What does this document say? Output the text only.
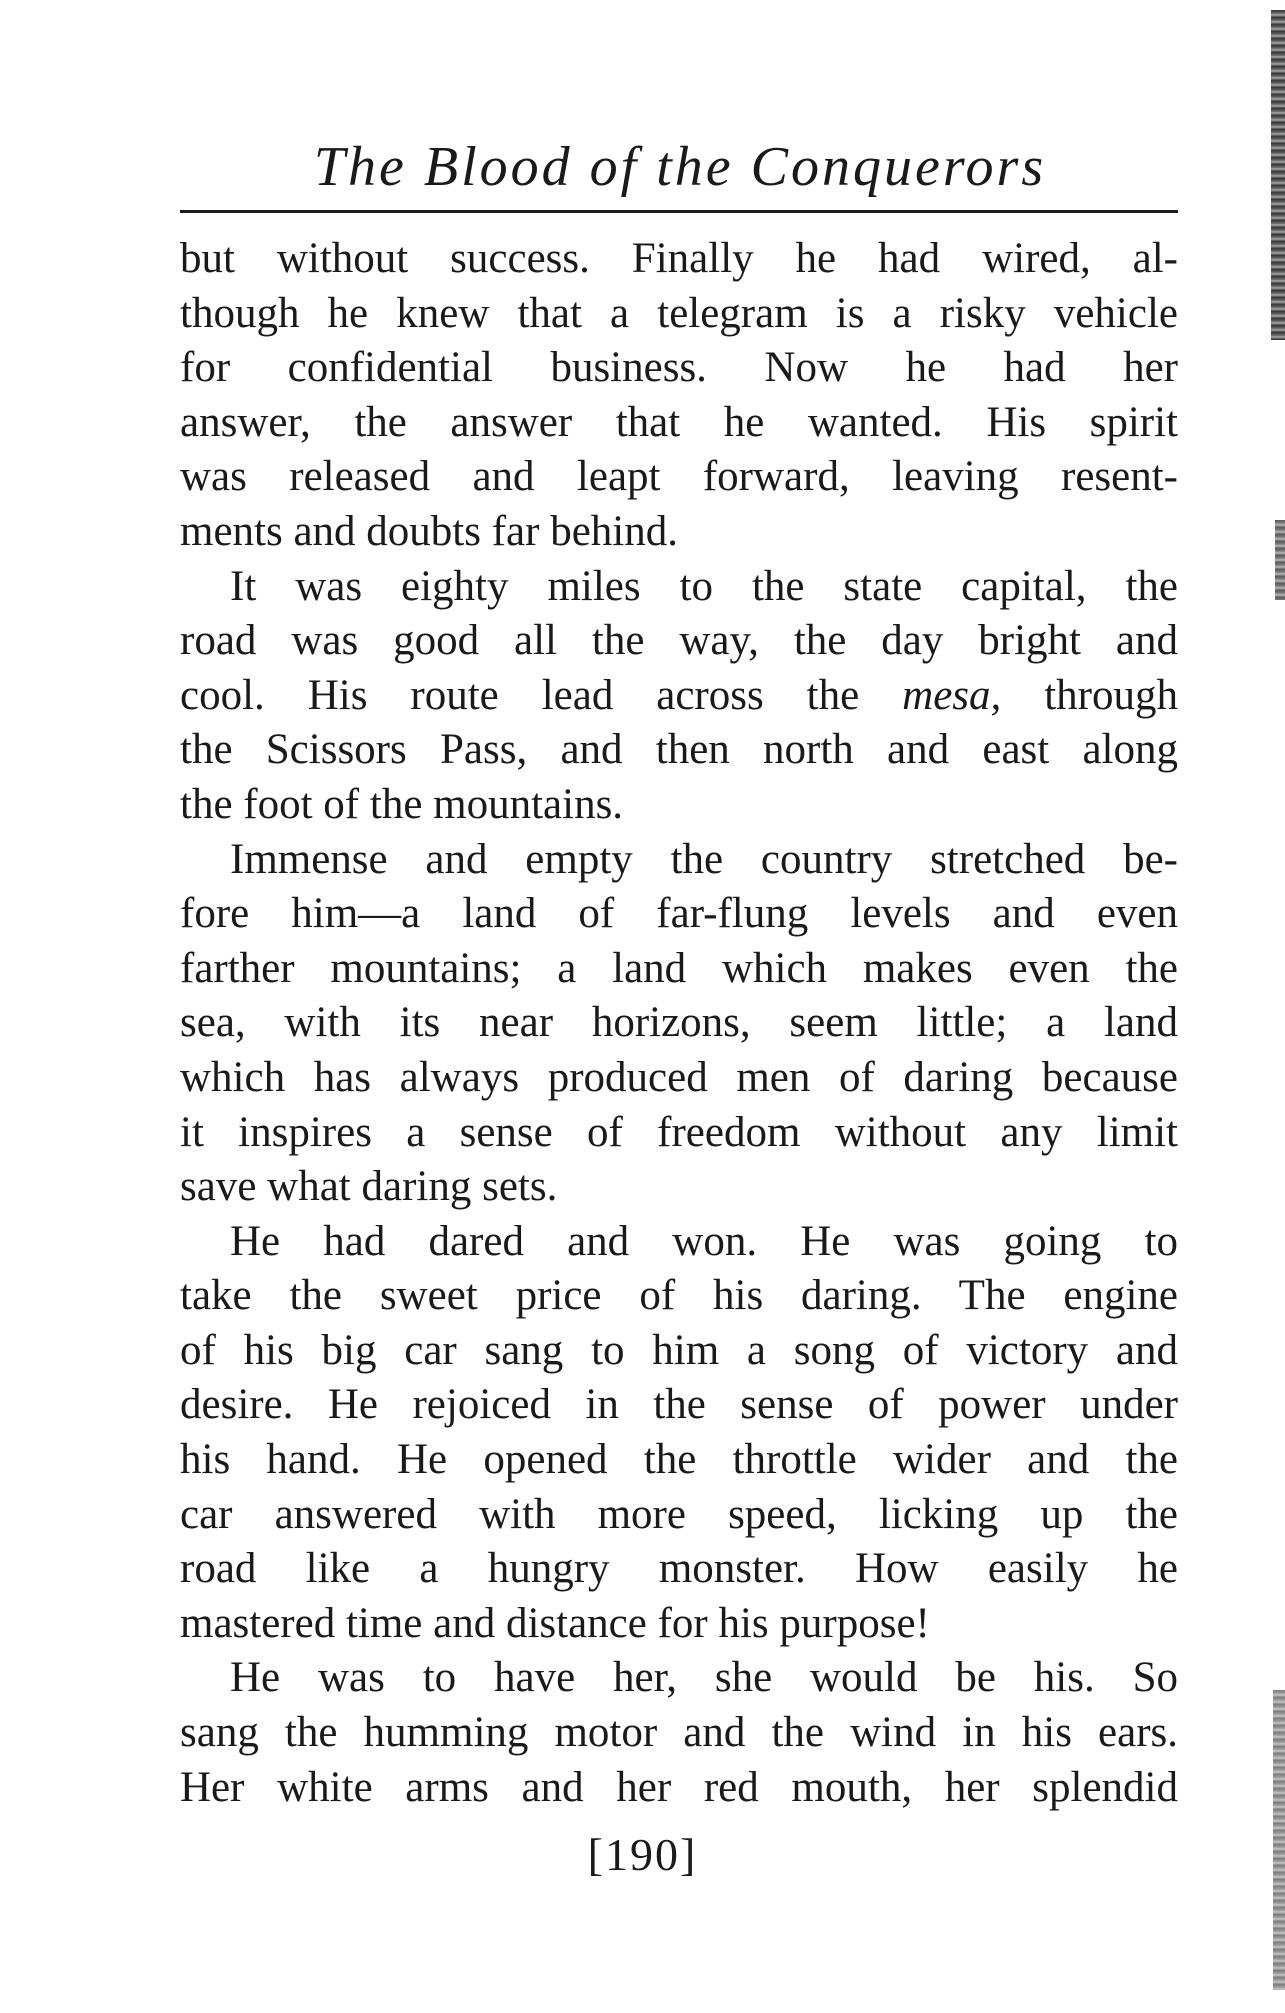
The Blood of the Conquerors
but without success. Finally he had wired, al-
though he knew that a telegram is a risky vehicle
for confidential business. Now he had her
answer, the answer that he wanted. His spirit
was released and leapt forward, leaving resent-
ments and doubts far behind.
It was eighty miles to the state capital, the
road was good all the way, the day bright and
cool. His route lead across the mesa, through
the Scissors Pass, and then north and east along
the foot of the mountains.
Immense and empty the country stretched be-
fore him—a land of far-flung levels and even
farther mountains; a land which makes even the
sea, with its near horizons, seem little; a land
which has always produced men of daring because
it inspires a sense of freedom without any limit
save what daring sets.
He had dared and won. He was going to
take the sweet price of his daring. The engine
of his big car sang to him a song of victory and
desire. He rejoiced in the sense of power under
his hand. He opened the throttle wider and the
car answered with more speed, licking up the
road like a hungry monster. How easily he
mastered time and distance for his purpose!
He was to have her, she would be his. So
sang the humming motor and the wind in his ears.
Her white arms and her red mouth, her splendid
[190]
